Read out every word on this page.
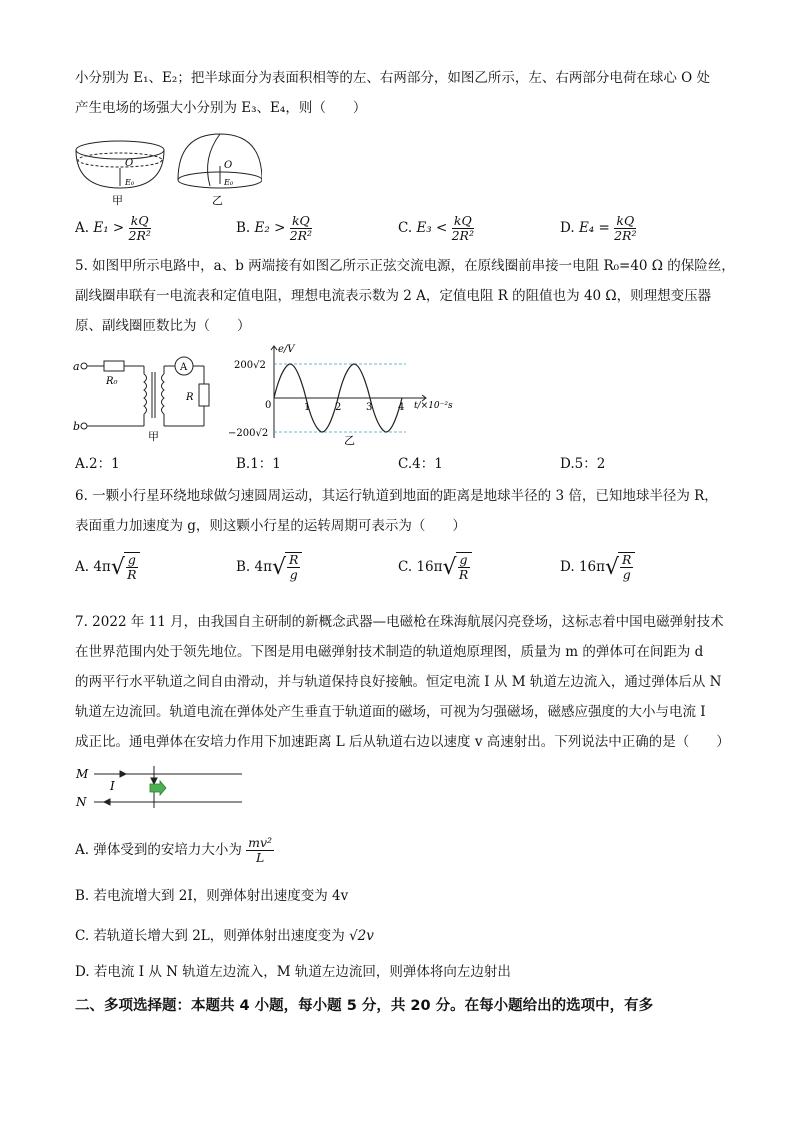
小分别为 E₁、E₂；把半球面分为表面积相等的左、右两部分，如图乙所示，左、右两部分电荷在球心 O 处

产生电场的场强大小分别为 E₃、E₄，则（　　）

O
E₀
甲
O
E₀
乙
A. $E_1 > \frac{kQ}{\text{2R²}}$	B. $E_2 > \frac{kQ}{\text{2R²}}$	C. $E_3 < \frac{kQ}{\text{2R²}}$	D. $E_4 = \frac{kQ}{\text{2R²}}$

5. 如图甲所示电路中，a、b 两端接有如图乙所示正弦交流电源，在原线圈前串接一电阻 R₀=40 Ω 的保险丝，

副线圈串联有一电流表和定值电阻，理想电流表示数为 2 A，定值电阻 R 的阻值也为 40 Ω，则理想变压器

原、副线圈匝数比为（　　）

a
b
R₀
A
R
甲
e/V
200√2
−200√2
0	1 2 3	4 t/×10⁻²s
乙
A.2：1	B.1：1	C.4：1	D.5：2

6. 一颗小行星环绕地球做匀速圆周运动，其运行轨道到地面的距离是地球半径的 3 倍，已知地球半径为 R，

表面重力加速度为 g，则这颗小行星的运转周期可表示为（　　）

A. $4\pi√ \frac{g}{R}$	B. $4\pi√ \frac{R}{g}$	C. $16\pi√ \frac{g}{R}$	D. $16\pi√ \frac{R}{g}$

7. 2022 年 11 月，由我国自主研制的新概念武器—电磁枪在珠海航展闪亮登场，这标志着中国电磁弹射技术

在世界范围内处于领先地位。下图是用电磁弹射技术制造的轨道炮原理图，质量为 m 的弹体可在间距为 d

的两平行水平轨道之间自由滑动，并与轨道保持良好接触。恒定电流 I 从 M 轨道左边流入，通过弹体后从 N

轨道左边流回。轨道电流在弹体处产生垂直于轨道面的磁场，可视为匀强磁场，磁感应强度的大小与电流 I

成正比。通电弹体在安培力作用下加速距离 L 后从轨道右边以速度 v 高速射出。下列说法中正确的是（　　）

M
N
I
A. 弹体受到的安培力大小为 $\frac{\text{mv²}}{L}$

B. 若电流增大到 2I，则弹体射出速度变为 4v

C. 若轨道长增大到 2L，则弹体射出速度变为 √2v

D. 若电流 I 从 N 轨道左边流入，M 轨道左边流回，则弹体将向左边射出

二、多项选择题：本题共 4 小题，每小题 5 分，共 20 分。在每小题给出的选项中，有多
